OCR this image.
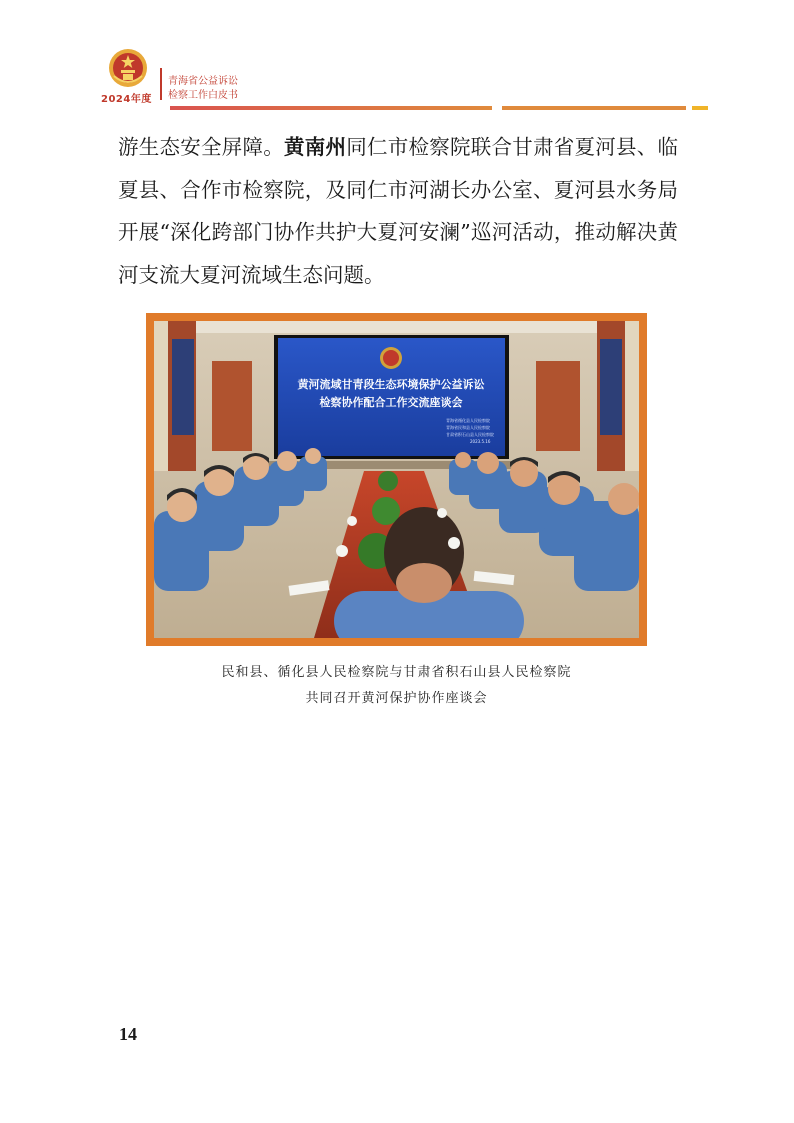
2024年度
青海省公益诉讼
检察工作白皮书

游生态安全屏障。黄南州同仁市检察院联合甘肃省夏河县、临夏县、合作市检察院，及同仁市河湖长办公室、夏河县水务局开展“深化跨部门协作共护大夏河安澜”巡河活动，推动解决黄河支流大夏河流域生态问题。

黄河流域甘青段生态环境保护公益诉讼
检察协作配合工作交流座谈会
青海省循化县人民检察院
青海省民和县人民检察院
甘肃省积石山县人民检察院
2023.5.16
民和县、循化县人民检察院与甘肃省积石山县人民检察院
共同召开黄河保护协作座谈会
14
